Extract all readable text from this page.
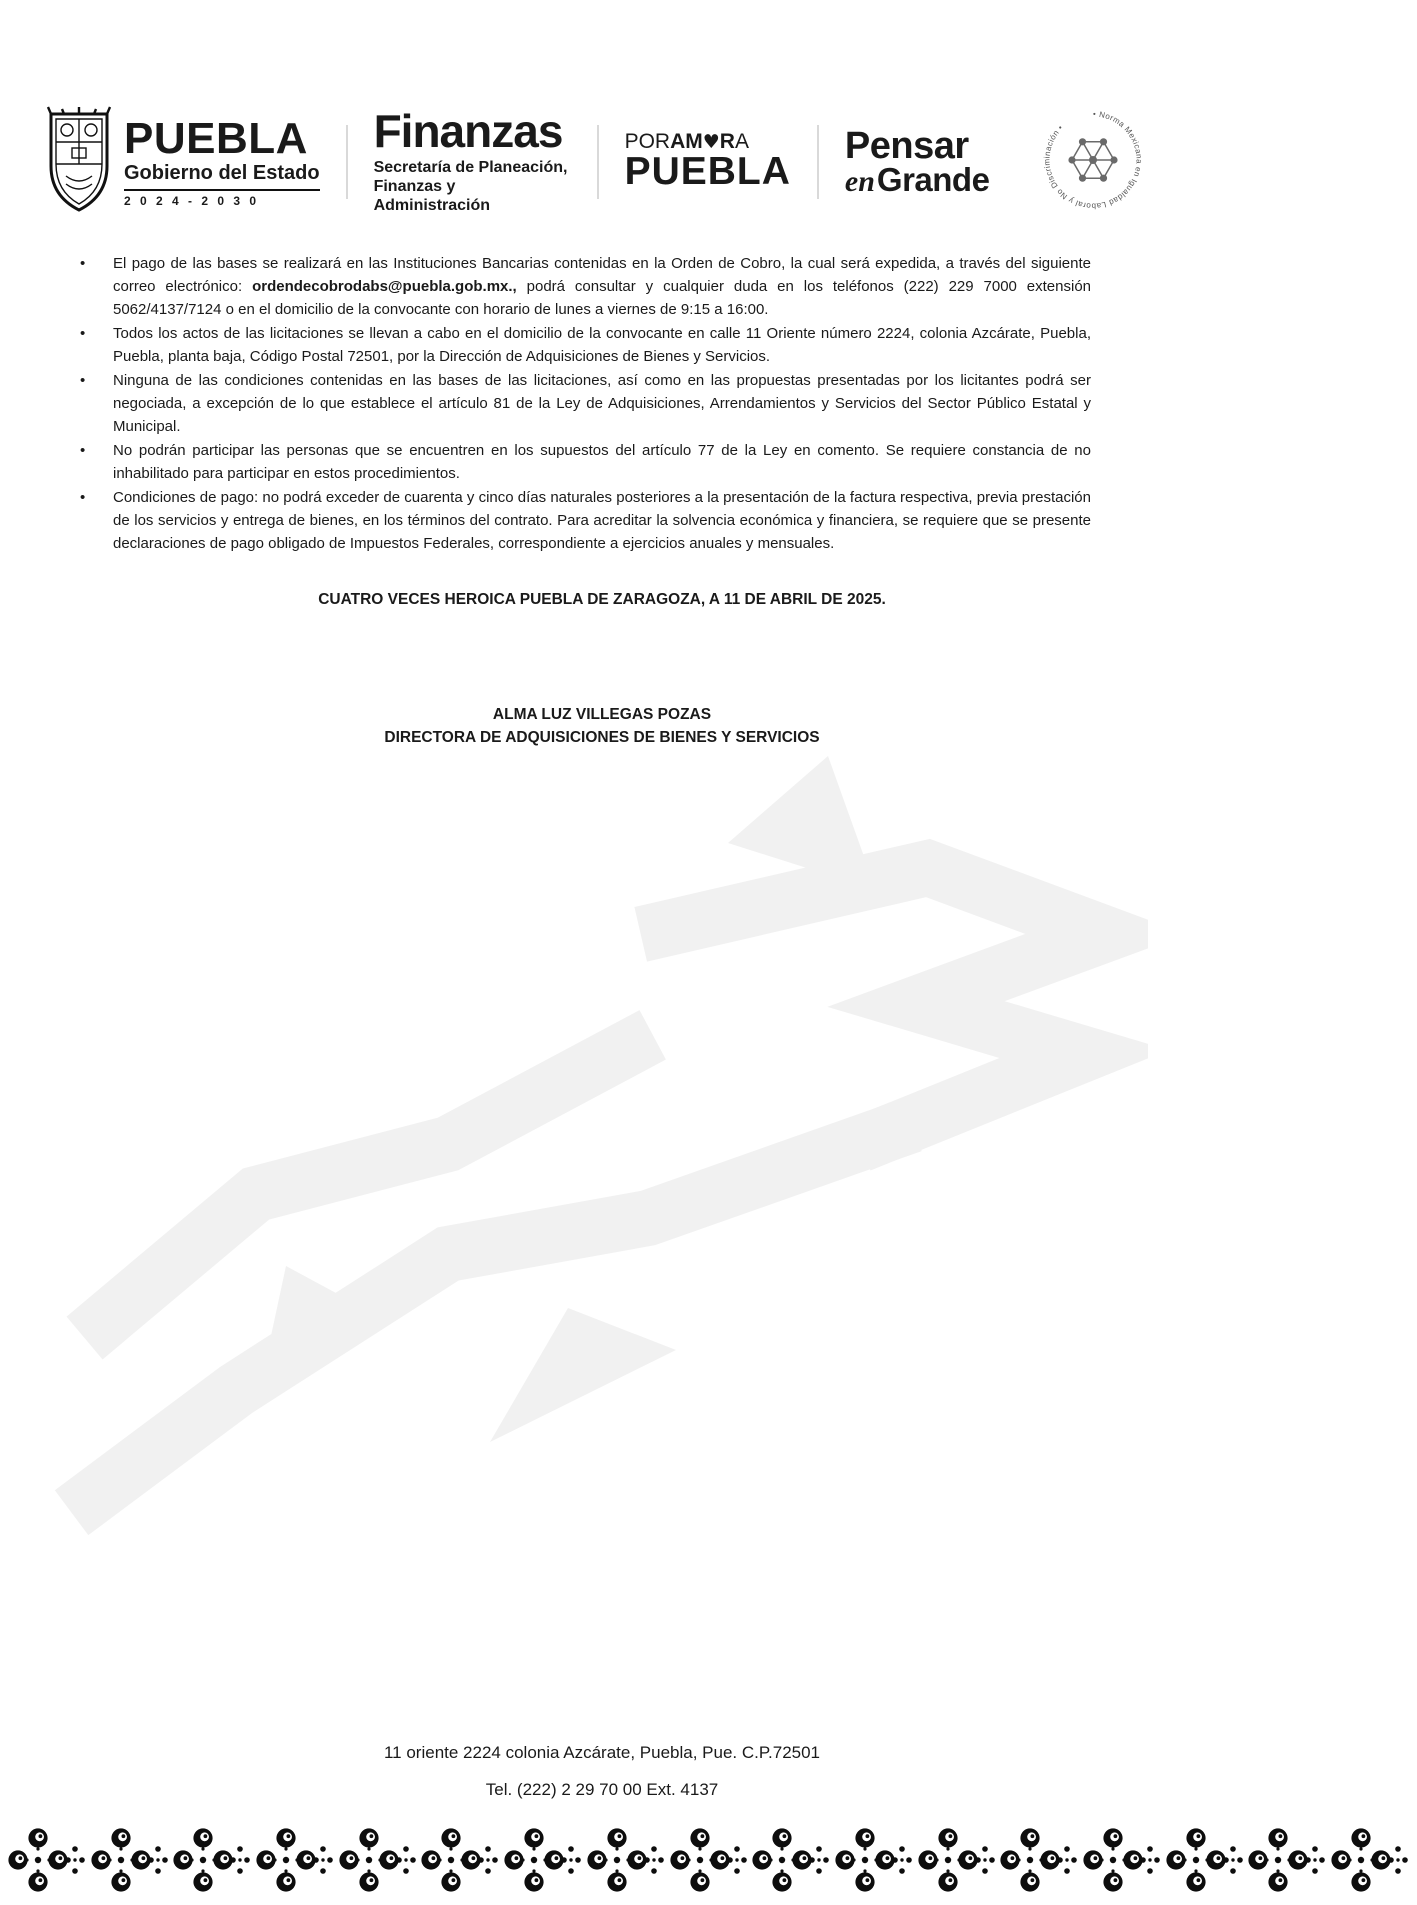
PUEBLA
Gobierno del Estado
2 0 2 4 - 2 0 3 0
Finanzas
Secretaría de Planeación,
Finanzas y Administración
PORAM♥RA
PUEBLA
Pensar
enGrande
• Norma Mexicana en Igualdad Laboral y No Discriminación •
• El pago de las bases se realizará en las Instituciones Bancarias contenidas en la Orden de Cobro, la cual será expedida, a través del siguiente correo electrónico: ordendecobrodabs@puebla.gob.mx., podrá consultar y cualquier duda en los teléfonos (222) 229 7000 extensión 5062/4137/7124 o en el domicilio de la convocante con horario de lunes a viernes de 9:15 a 16:00.
• Todos los actos de las licitaciones se llevan a cabo en el domicilio de la convocante en calle 11 Oriente número 2224, colonia Azcárate, Puebla, Puebla, planta baja, Código Postal 72501, por la Dirección de Adquisiciones de Bienes y Servicios.
• Ninguna de las condiciones contenidas en las bases de las licitaciones, así como en las propuestas presentadas por los licitantes podrá ser negociada, a excepción de lo que establece el artículo 81 de la Ley de Adquisiciones, Arrendamientos y Servicios del Sector Público Estatal y Municipal.
• No podrán participar las personas que se encuentren en los supuestos del artículo 77 de la Ley en comento. Se requiere constancia de no inhabilitado para participar en estos procedimientos.
• Condiciones de pago: no podrá exceder de cuarenta y cinco días naturales posteriores a la presentación de la factura respectiva, previa prestación de los servicios y entrega de bienes, en los términos del contrato. Para acreditar la solvencia económica y financiera, se requiere que se presente declaraciones de pago obligado de Impuestos Federales, correspondiente a ejercicios anuales y mensuales.
CUATRO VECES HEROICA PUEBLA DE ZARAGOZA, A 11 DE ABRIL DE 2025.
ALMA LUZ VILLEGAS POZAS
DIRECTORA DE ADQUISICIONES DE BIENES Y SERVICIOS
11 oriente 2224 colonia Azcárate, Puebla, Pue. C.P.72501
Tel. (222) 2 29 70 00 Ext. 4137
